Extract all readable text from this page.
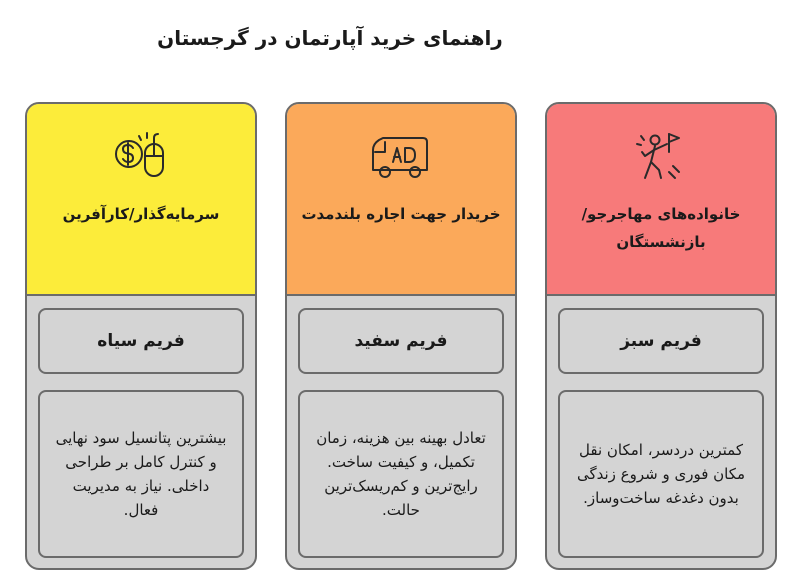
راهنمای خرید آپارتمان در گرجستان
سرمایه‌گذار/کارآفرین
فریم سیاه
بیشترین پتانسیل سود نهایی و کنترل کامل بر طراحی داخلی. نیاز به مدیریت فعال.
خریدار جهت اجاره بلندمدت
فریم سفید
تعادل بهینه بین هزینه، زمان تکمیل، و کیفیت ساخت. رایج‌ترین و کم‌ریسک‌ترین حالت.
خانواده‌های مهاجرجو/بازنشستگان
فریم سبز
کمترین دردسر، امکان نقل مکان فوری و شروع زندگی بدون دغدغه ساخت‌وساز.
